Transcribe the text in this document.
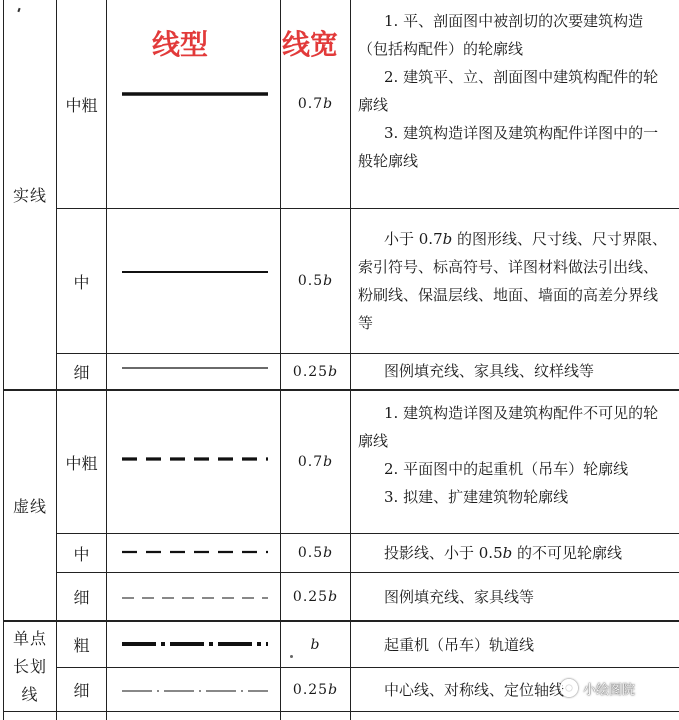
线型	线宽
实线
虚线
单点长划线
中粗
中
细
中粗
中
细
粗
细
0.7b
0.5b
0.25b
0.7b
0.5b
0.25b
b
0.25b

1. 平、剖面图中被剖切的次要建筑构造（包括构配件）的轮廓线

2. 建筑平、立、剖面图中建筑构配件的轮廓线

3. 建筑构造详图及建筑构配件详图中的一般轮廓线

小于 0.7b 的图形线、尺寸线、尺寸界限、索引符号、标高符号、详图材料做法引出线、粉刷线、保温层线、地面、墙面的高差分界线等

图例填充线、家具线、纹样线等

1. 建筑构造详图及建筑构配件不可见的轮廓线

2. 平面图中的起重机（吊车）轮廓线

3. 拟建、扩建建筑物轮廓线

投影线、小于 0.5b 的不可见轮廓线

图例填充线、家具线等

起重机（吊车）轨道线

中心线、对称线、定位轴线	小绘图院
